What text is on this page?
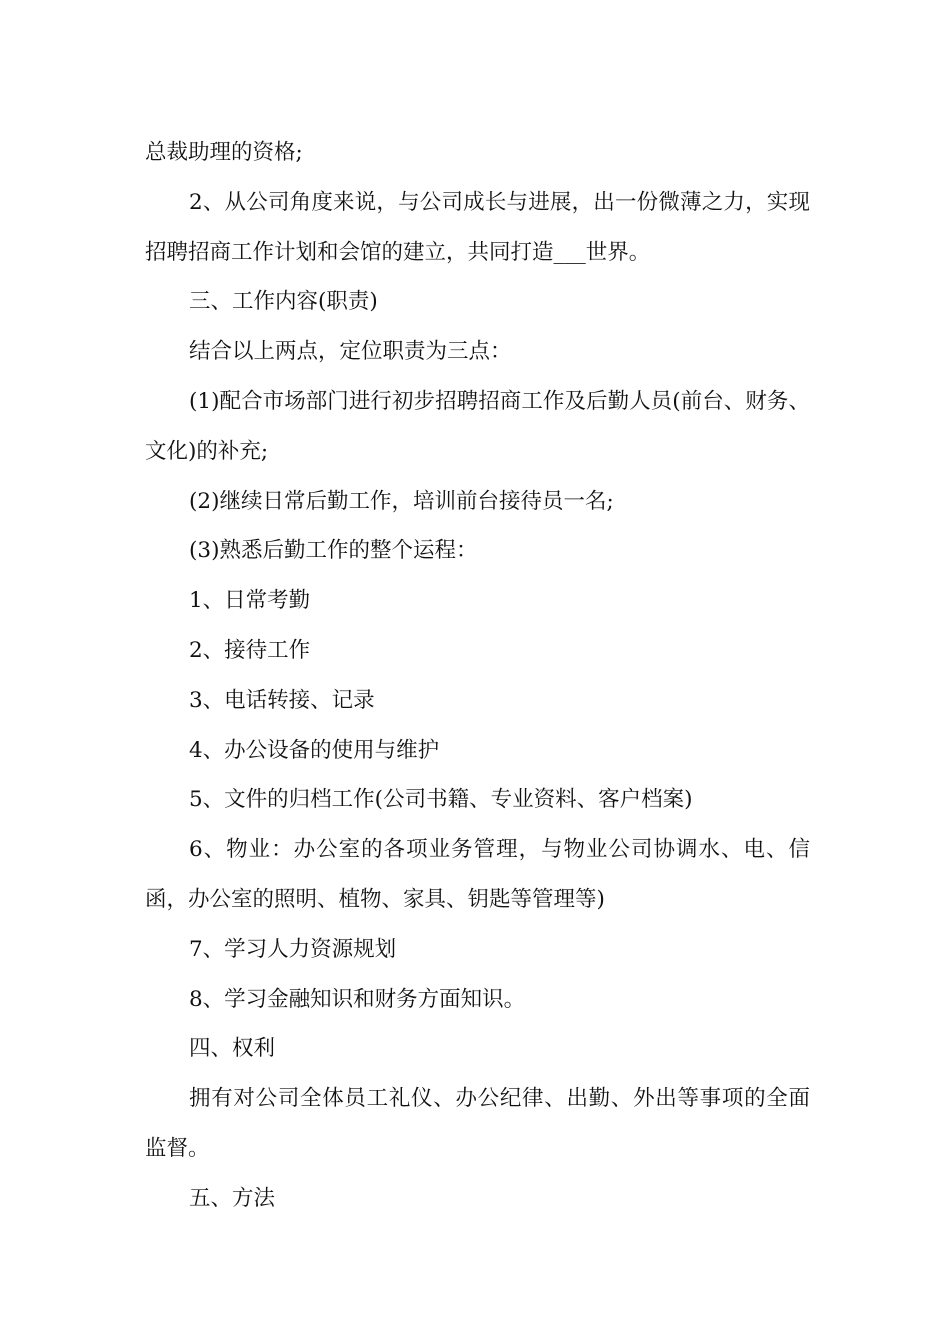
总裁助理的资格;

2、从公司角度来说，与公司成长与进展，出一份微薄之力，实现招聘招商工作计划和会馆的建立，共同打造___世界。

三、工作内容(职责)

结合以上两点，定位职责为三点：

(1)配合市场部门进行初步招聘招商工作及后勤人员(前台、财务、文化)的补充;

(2)继续日常后勤工作，培训前台接待员一名;

(3)熟悉后勤工作的整个运程：

1、日常考勤

2、接待工作

3、电话转接、记录

4、办公设备的使用与维护

5、文件的归档工作(公司书籍、专业资料、客户档案)

6、物业：办公室的各项业务管理，与物业公司协调水、电、信函，办公室的照明、植物、家具、钥匙等管理等)

7、学习人力资源规划

8、学习金融知识和财务方面知识。

四、权利

拥有对公司全体员工礼仪、办公纪律、出勤、外出等事项的全面监督。

五、方法
